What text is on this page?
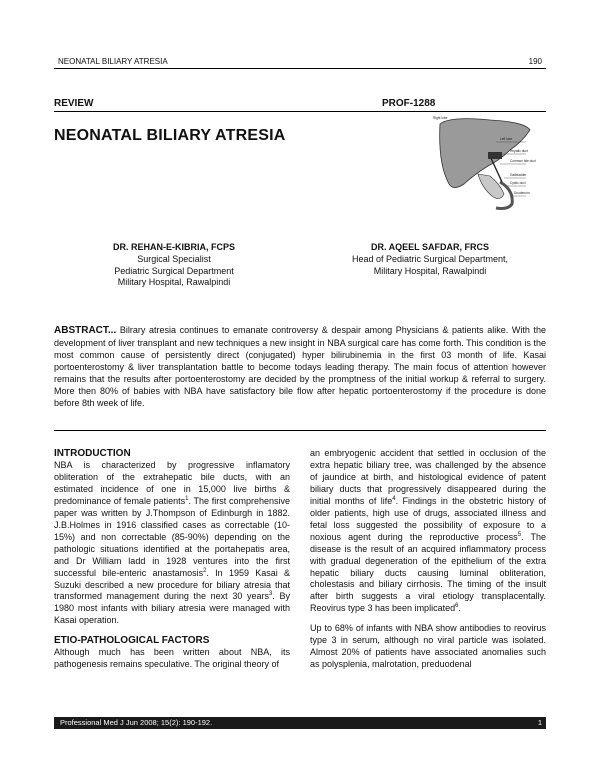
NEONATAL BILIARY ATRESIA	190
REVIEW	PROF-1288
NEONATAL BILIARY ATRESIA
Right lobe
Left lobe
Hepatic duct
Common bile duct
Gallbladder
Cystic duct
Duodenum
DR. REHAN-E-KIBRIA, FCPS
Surgical Specialist
Pediatric Surgical Department
Military Hospital, Rawalpindi
DR. AQEEL SAFDAR, FRCS
Head of Pediatric Surgical Department,
Military Hospital, Rawalpindi
ABSTRACT... Bilrary atresia continues to emanate controversy & despair among Physicians & patients alike. With the development of liver transplant and new techniques a new insight in NBA surgical care has come forth. This condition is the most common cause of persistently direct (conjugated) hyper bilirubinemia in the first 03 month of life. Kasai portoenterostomy & liver transplantation battle to become todays leading therapy. The main focus of attention however remains that the results after portoenterostomy are decided by the promptness of the initial workup & referral to surgery. More then 80% of babies with NBA have satisfactory bile flow after hepatic portoenterostomy if the procedure is done before 8th week of life.

INTRODUCTION

NBA is characterized by progressive inflamatory obliteration of the extrahepatic bile ducts, with an estimated incidence of one in 15,000 live births & predominance of female patients$^1$. The first comprehensive paper was written by J.Thompson of Edinburgh in 1882. J.B.Holmes in 1916 classified cases as correctable (10-15%) and non correctable (85-90%) depending on the pathologic situations identified at the portahepatis area, and Dr William ladd in 1928 ventures into the first successful bile-enteric anastamosis$^2$. In 1959 Kasai & Suzuki described a new procedure for biliary atresia that transformed management during the next 30 years$^3$. By 1980 most infants with biliary atresia were managed with Kasai operation.

ETIO-PATHOLOGICAL FACTORS

Although much has been written about NBA, its pathogenesis remains speculative. The original theory of

an embryogenic accident that settled in occlusion of the extra hepatic biliary tree, was challenged by the absence of jaundice at birth, and histological evidence of patent biliary ducts that progressively disappeared during the initial months of life$^4$. Findings in the obstetric history of older patients, high use of drugs, associated illness and fetal loss suggested the possibility of exposure to a noxious agent during the reproductive process$^5$. The disease is the result of an acquired inflammatory process with gradual degeneration of the epithelium of the extra hepatic biliary ducts causing luminal obliteration, cholestasis and biliary cirrhosis. The timing of the insult after birth suggests a viral etiology transplacentally. Reovirus type 3 has been implicated$^6$.

Up to 68% of infants with NBA show antibodies to reovirus type 3 in serum, although no viral particle was isolated. Almost 20% of patients have associated anomalies such as polysplenia, malrotation, preduodenal

Professional Med J Jun 2008; 15(2): 190-192.	1
